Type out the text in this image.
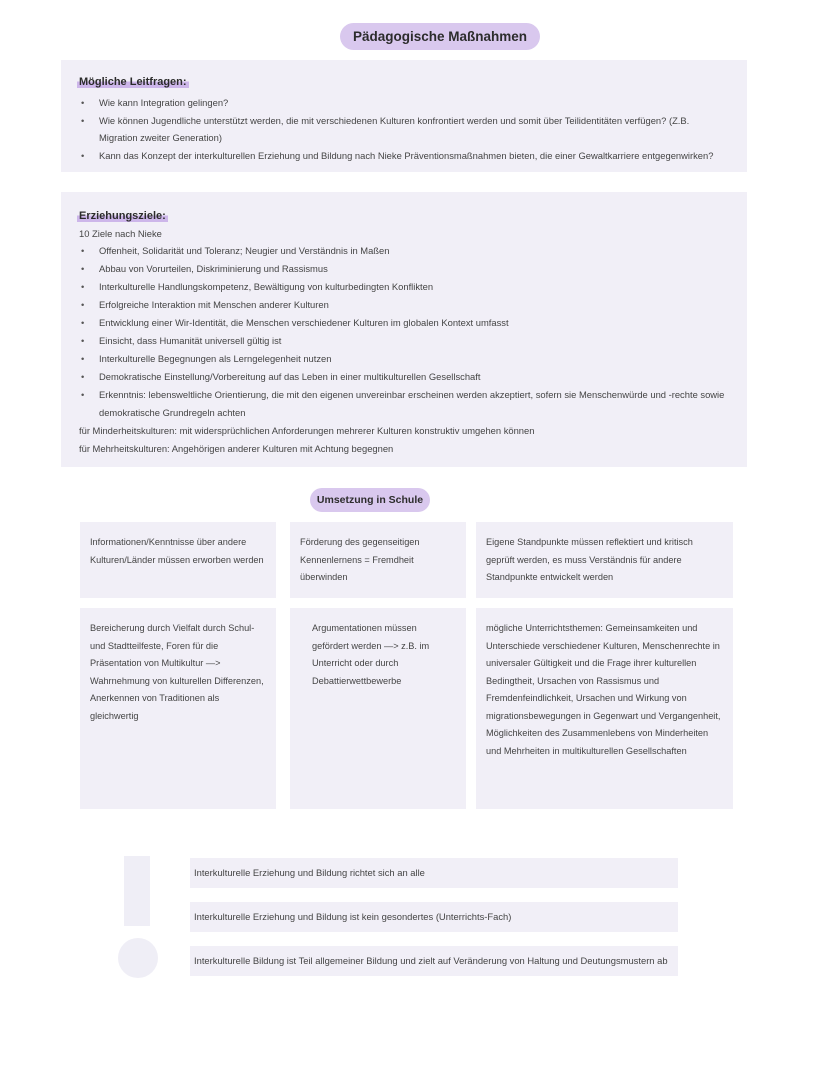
Pädagogische Maßnahmen
Mögliche Leitfragen:
• Wie kann Integration gelingen?
• Wie können Jugendliche unterstützt werden, die mit verschiedenen Kulturen konfrontiert werden und somit über Teilidentitäten verfügen? (Z.B. Migration zweiter Generation)
• Kann das Konzept der interkulturellen Erziehung und Bildung nach Nieke Präventionsmaßnahmen bieten, die einer Gewaltkarriere entgegenwirken?
Erziehungsziele:

10 Ziele nach Nieke

• Offenheit, Solidarität und Toleranz; Neugier und Verständnis in Maßen
• Abbau von Vorurteilen, Diskriminierung und Rassismus
• Interkulturelle Handlungskompetenz, Bewältigung von kulturbedingten Konflikten
• Erfolgreiche Interaktion mit Menschen anderer Kulturen
• Entwicklung einer Wir-Identität, die Menschen verschiedener Kulturen im globalen Kontext umfasst
• Einsicht, dass Humanität universell gültig ist
• Interkulturelle Begegnungen als Lerngelegenheit nutzen
• Demokratische Einstellung/Vorbereitung auf das Leben in einer multikulturellen Gesellschaft
• Erkenntnis: lebensweltliche Orientierung, die mit den eigenen unvereinbar erscheinen werden akzeptiert, sofern sie Menschenwürde und -rechte sowie demokratische Grundregeln achten

für Minderheitskulturen: mit widersprüchlichen Anforderungen mehrerer Kulturen konstruktiv umgehen können

für Mehrheitskulturen: Angehörigen anderer Kulturen mit Achtung begegnen

Umsetzung in Schule

Informationen/Kenntnisse über andere Kulturen/Länder müssen erworben werden

Förderung des gegenseitigen Kennenlernens = Fremdheit überwinden

Eigene Standpunkte müssen reflektiert und kritisch geprüft werden, es muss Verständnis für andere Standpunkte entwickelt werden

Bereicherung durch Vielfalt durch Schul- und Stadtteilfeste, Foren für die Präsentation von Multikultur —> Wahrnehmung von kulturellen Differenzen, Anerkennen von Traditionen als gleichwertig

Argumentationen müssen gefördert werden —> z.B. im Unterricht oder durch Debattierwettbewerbe

mögliche Unterrichtsthemen: Gemeinsamkeiten und Unterschiede verschiedener Kulturen, Menschenrechte in universaler Gültigkeit und die Frage ihrer kulturellen Bedingtheit, Ursachen von Rassismus und Fremdenfeindlichkeit, Ursachen und Wirkung von migrationsbewegungen in Gegenwart und Vergangenheit, Möglichkeiten des Zusammenlebens von Minderheiten und Mehrheiten in multikulturellen Gesellschaften

Interkulturelle Erziehung und Bildung richtet sich an alle
Interkulturelle Erziehung und Bildung ist kein gesondertes (Unterrichts-Fach)
Interkulturelle Bildung ist Teil allgemeiner Bildung und zielt auf Veränderung von Haltung und Deutungsmustern ab
